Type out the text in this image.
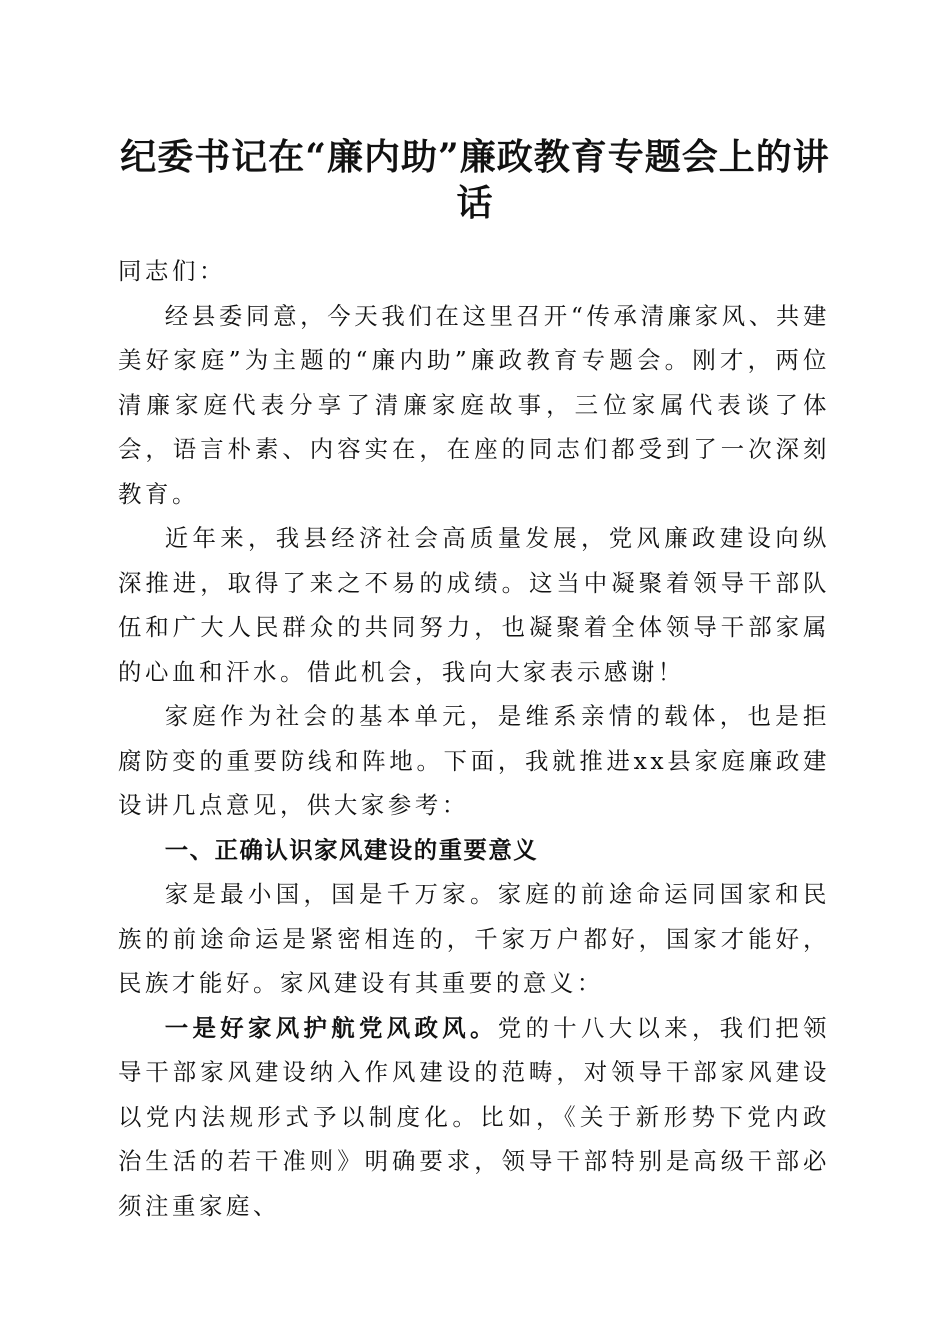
纪委书记在“廉内助”廉政教育专题会上的讲话

同志们：

经县委同意，今天我们在这里召开“传承清廉家风、共建美好家庭”为主题的“廉内助”廉政教育专题会。刚才，两位清廉家庭代表分享了清廉家庭故事，三位家属代表谈了体会，语言朴素、内容实在，在座的同志们都受到了一次深刻教育。

近年来，我县经济社会高质量发展，党风廉政建设向纵深推进，取得了来之不易的成绩。这当中凝聚着领导干部队伍和广大人民群众的共同努力，也凝聚着全体领导干部家属的心血和汗水。借此机会，我向大家表示感谢！

家庭作为社会的基本单元，是维系亲情的载体，也是拒腐防变的重要防线和阵地。下面，我就推进xx县家庭廉政建设讲几点意见，供大家参考：

一、正确认识家风建设的重要意义

家是最小国，国是千万家。家庭的前途命运同国家和民族的前途命运是紧密相连的，千家万户都好，国家才能好，民族才能好。家风建设有其重要的意义：

一是好家风护航党风政风。党的十八大以来，我们把领导干部家风建设纳入作风建设的范畴，对领导干部家风建设以党内法规形式予以制度化。比如，《关于新形势下党内政治生活的若干准则》明确要求，领导干部特别是高级干部必须注重家庭、
